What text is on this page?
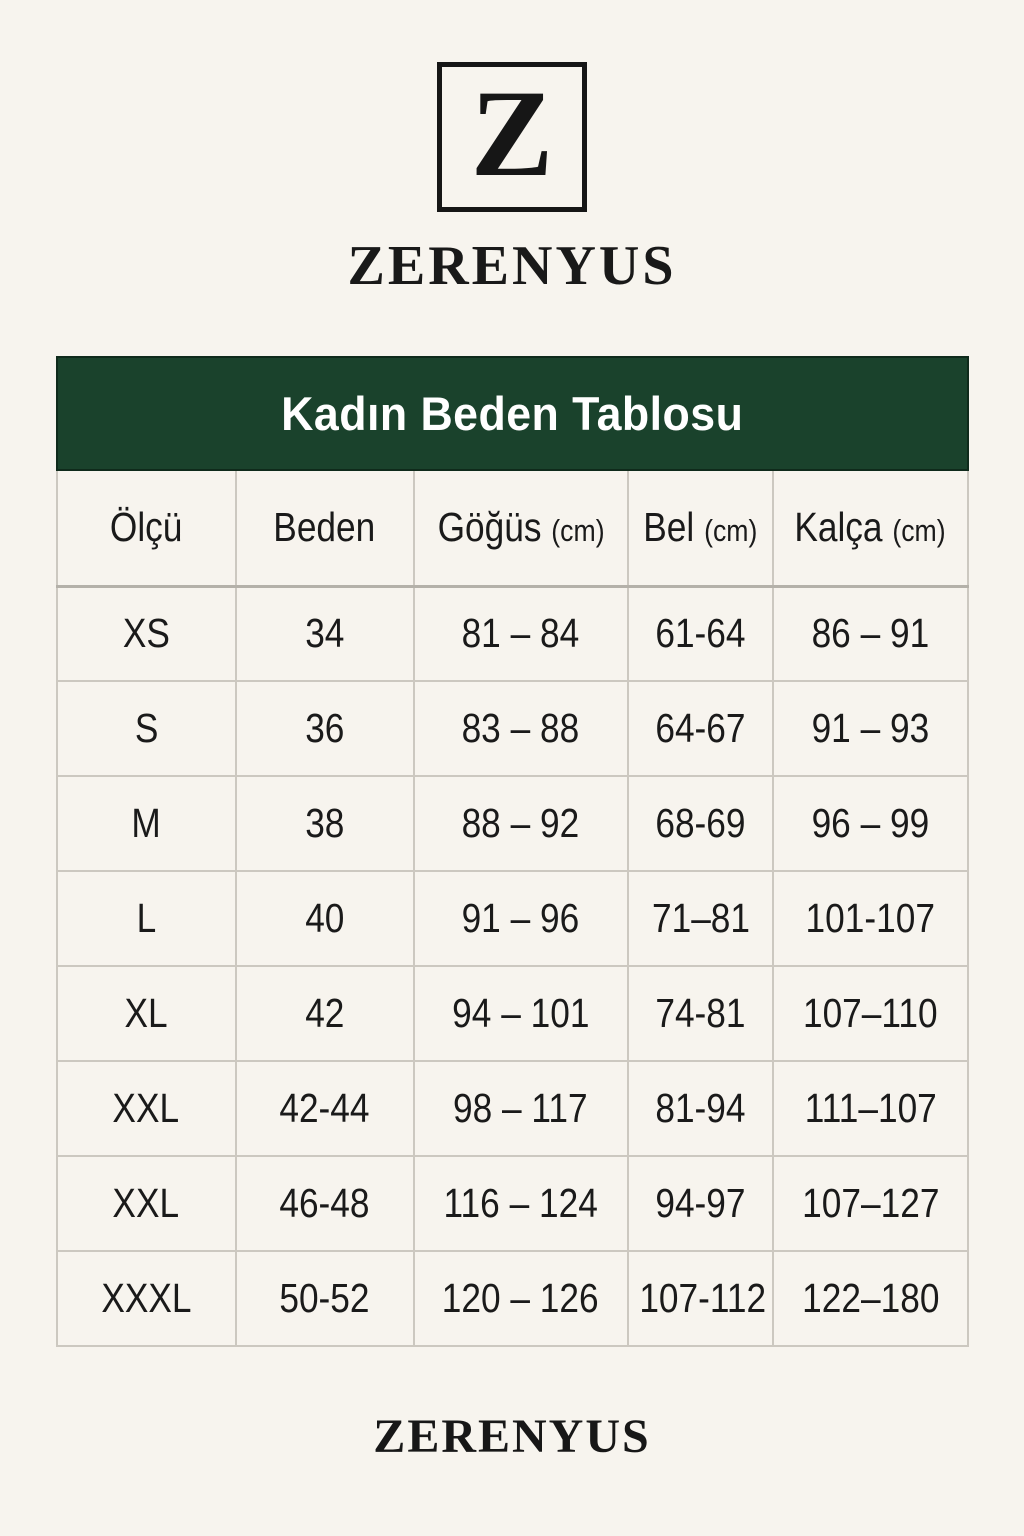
Z
ZERENYUS
Kadın Beden Tablosu
Ölçü	Beden	Göğüs (cm)	Bel (cm)	Kalça (cm)
XS	34	81 – 84	61-64	86 – 91
S	36	83 – 88	64-67	91 – 93
M	38	88 – 92	68-69	96 – 99
L	40	91 – 96	71–81	101-107
XL	42	94 – 101	74-81	107–110
XXL	42-44	98 – 117	81-94	111–107
XXL	46-48	116 – 124	94-97	107–127
XXXL	50-52	120 – 126	107-112	122–180
ZERENYUS
